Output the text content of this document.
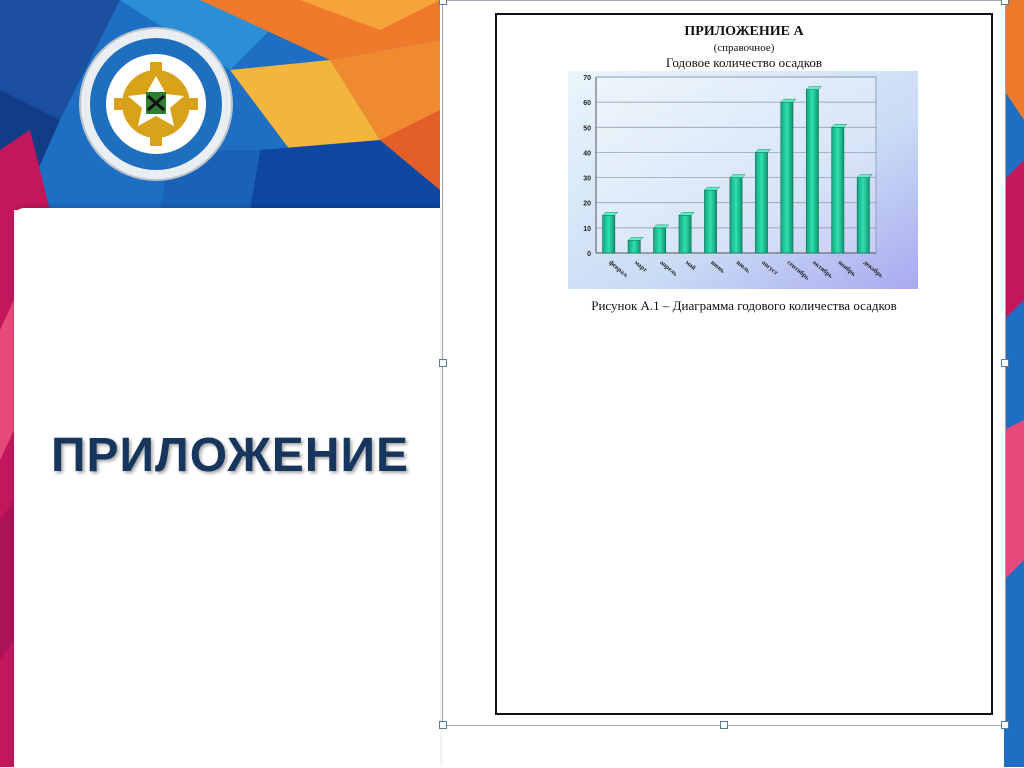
ПРИЛОЖЕНИЕ
ПРИЛОЖЕНИЕ А
(справочное)
Годовое количество осадков
0
10
20
30
40
50
60
70
феврал. март апрель май июнь июль август сентябрь октябрь ноябрь декабрь
Рисунок А.1 – Диаграмма годового количества осадков
